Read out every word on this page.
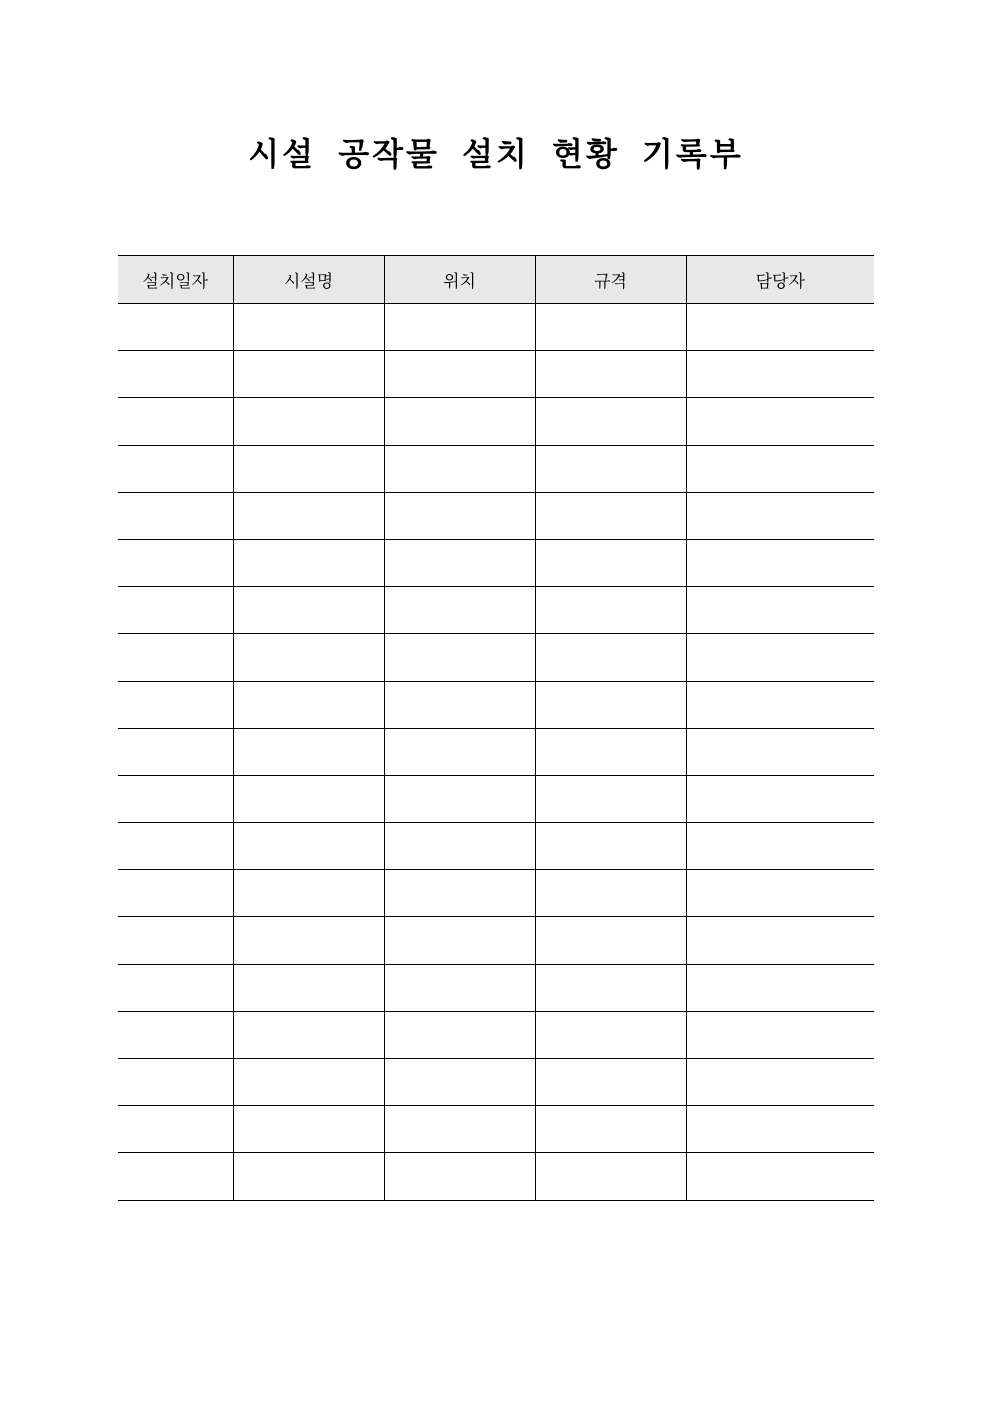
시설 공작물 설치 현황 기록부
설치일자	시설명	위치	규격	담당자
